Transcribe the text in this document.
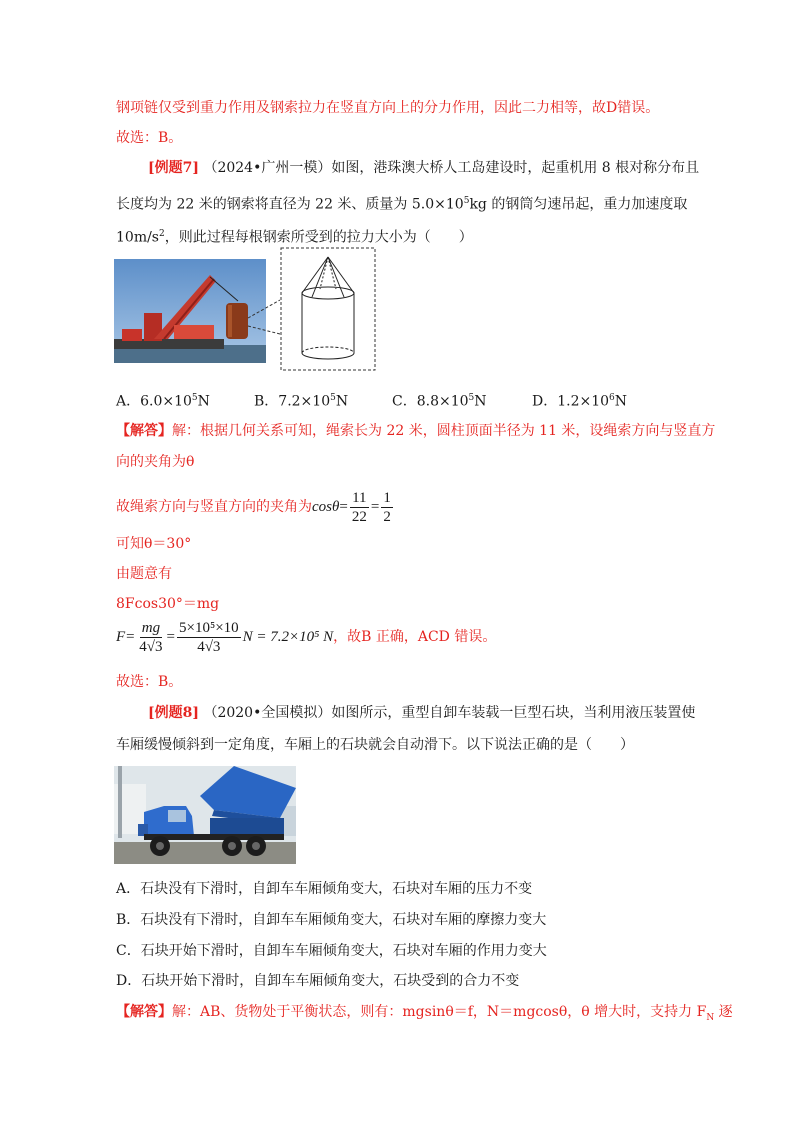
钢项链仅受到重力作用及钢索拉力在竖直方向上的分力作用，因此二力相等，故D错误。
故选：B。
[例题7] （2024•广州一模）如图，港珠澳大桥人工岛建设时，起重机用 8 根对称分布且
长度均为 22 米的钢索将直径为 22 米、质量为 $5.0\times 10^5kg$ 的钢筒匀速吊起，重力加速度取
$10m/s^2$，则此过程每根钢索所受到的拉力大小为（　　）
A．$6.0\times 10^5N$	B．$7.2\times 10^5N$	C．$8.8\times 10^5N$	D．$1.2\times 10^6N$
【解答】解：根据几何关系可知，绳索长为 22 米，圆柱顶面半径为 11 米，设绳索方向与竖直方
向的夹角为θ
故绳索方向与竖直方向的夹角为$\cos\theta= \frac{11}{22} = \frac{1}{2}$
可知θ＝30°
由题意有
8Fcos30°＝mg
$F= \frac{mg}{4√3} = \frac{\text{5×10⁵×10}}{4√3}$ N = 7.2×10⁵ N，故B 正确，ACD 错误。
故选：B。
[例题8] （2020•全国模拟）如图所示，重型自卸车装载一巨型石块，当利用液压装置使
车厢缓慢倾斜到一定角度，车厢上的石块就会自动滑下。以下说法正确的是（　　）
A．石块没有下滑时，自卸车车厢倾角变大，石块对车厢的压力不变
B．石块没有下滑时，自卸车车厢倾角变大，石块对车厢的摩擦力变大
C．石块开始下滑时，自卸车车厢倾角变大，石块对车厢的作用力变大
D．石块开始下滑时，自卸车车厢倾角变大，石块受到的合力不变
【解答】解：AB、货物处于平衡状态，则有：mgsinθ＝f，N＝mgcosθ，θ 增大时，支持力 $F_N$ 逐
